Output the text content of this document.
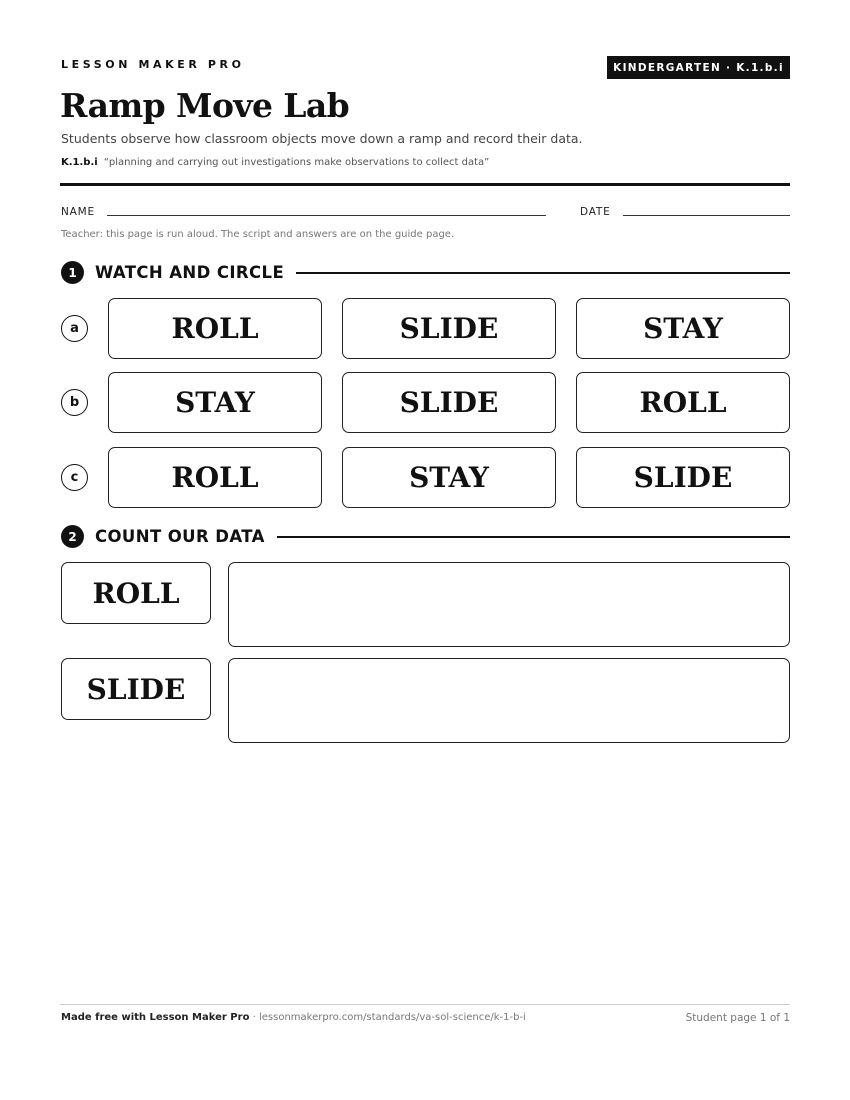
LESSON MAKER PRO	KINDERGARTEN · K.1.b.i
Ramp Move Lab
Students observe how classroom objects move down a ramp and record their data.
K.1.b.i “planning and carrying out investigations make observations to collect data”
NAME	DATE
Teacher: this page is run aloud. The script and answers are on the guide page.
1	WATCH AND CIRCLE
a	ROLL	SLIDE	STAY
b	STAY	SLIDE	ROLL
c	ROLL	STAY	SLIDE
2	COUNT OUR DATA
ROLL
SLIDE
Made free with Lesson Maker Pro · lessonmakerpro.com/standards/va-sol-science/k-1-b-i	Student page 1 of 1
